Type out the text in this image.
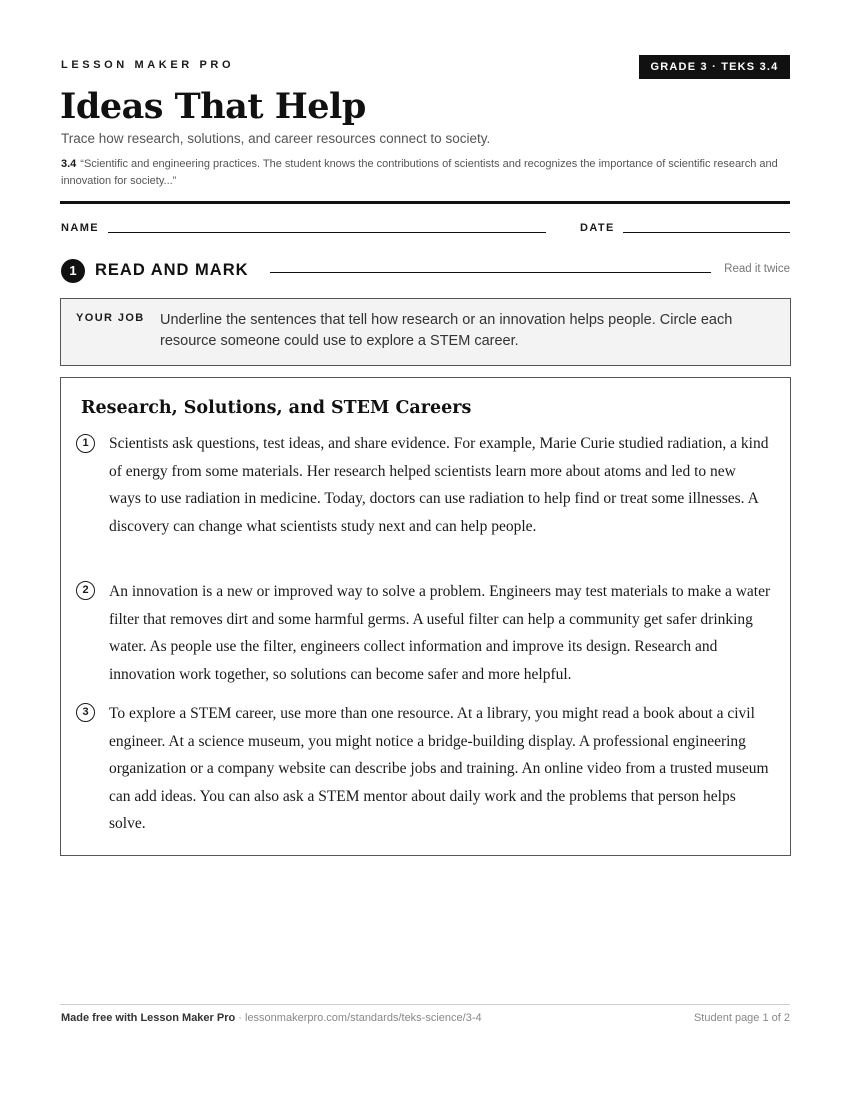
LESSON MAKER PRO	GRADE 3 · TEKS 3.4
Ideas That Help
Trace how research, solutions, and career resources connect to society.
3.4 “Scientific and engineering practices. The student knows the contributions of scientists and recognizes the importance of scientific research and innovation for society...”
NAME	DATE
1	READ AND MARK	Read it twice
YOUR JOB Underline the sentences that tell how research or an innovation helps people. Circle each resource someone could use to explore a STEM career.
Research, Solutions, and STEM Careers
1	Scientists ask questions, test ideas, and share evidence. For example, Marie Curie studied radiation, a kind of energy from some materials. Her research helped scientists learn more about atoms and led to new ways to use radiation in medicine. Today, doctors can use radiation to help find or treat some illnesses. A discovery can change what scientists study next and can help people.
2	An innovation is a new or improved way to solve a problem. Engineers may test materials to make a water filter that removes dirt and some harmful germs. A useful filter can help a community get safer drinking water. As people use the filter, engineers collect information and improve its design. Research and innovation work together, so solutions can become safer and more helpful.
3	To explore a STEM career, use more than one resource. At a library, you might read a book about a civil engineer. At a science museum, you might notice a bridge-building display. A professional engineering organization or a company website can describe jobs and training. An online video from a trusted museum can add ideas. You can also ask a STEM mentor about daily work and the problems that person helps solve.
Made free with Lesson Maker Pro · lessonmakerpro.com/standards/teks-science/3-4	Student page 1 of 2
